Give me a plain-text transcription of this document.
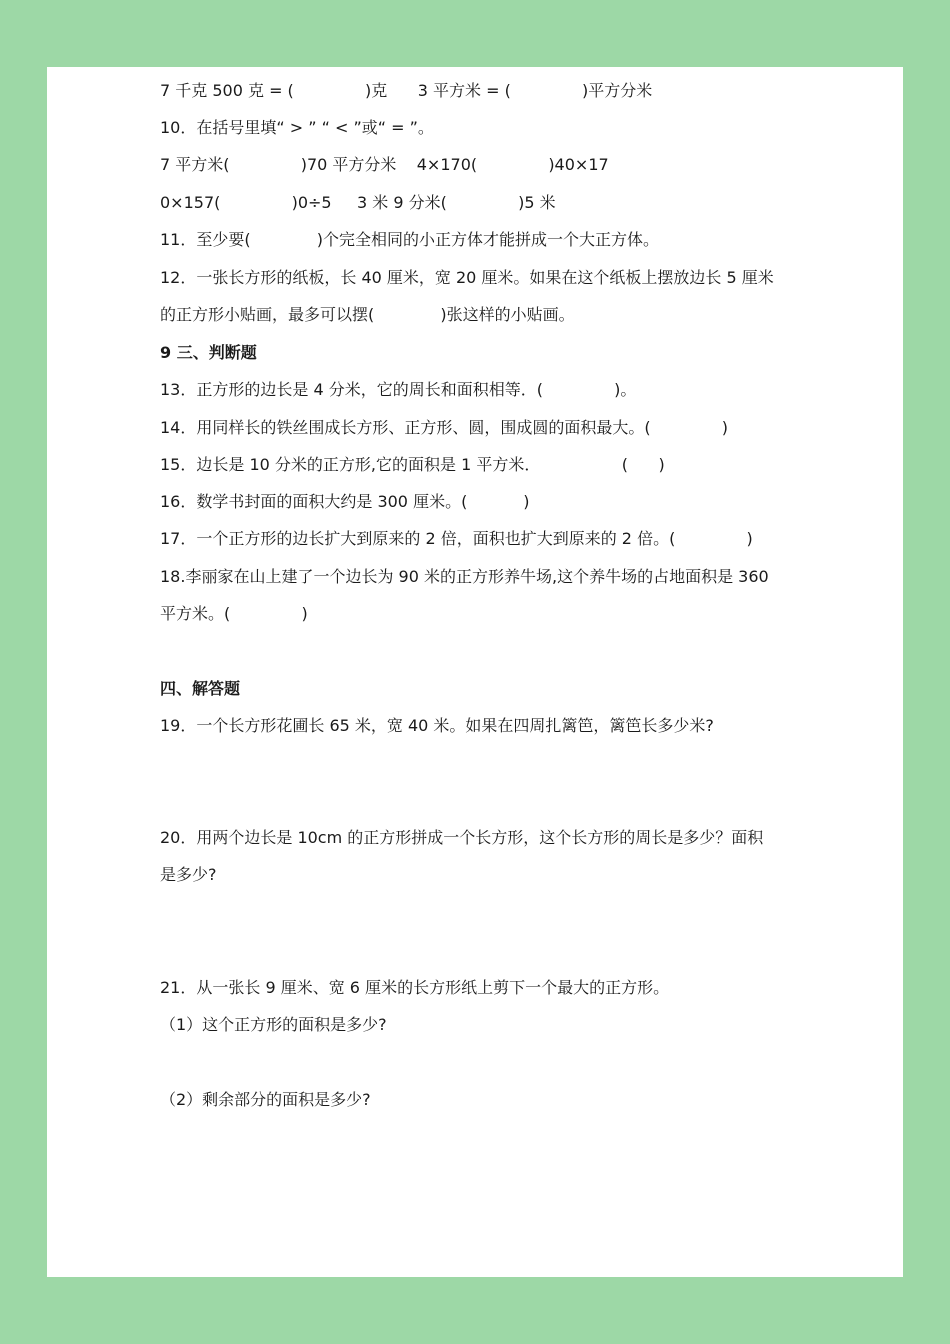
7 千克 500 克 = (              )克      3 平方米 = (              )平方分米
10．在括号里填“ > ” “ < ”或“ = ”。
7 平方米(              )70 平方分米    4×170(              )40×17
0×157(              )0÷5     3 米 9 分米(              )5 米
11．至少要(             )个完全相同的小正方体才能拼成一个大正方体。
12．一张长方形的纸板，长 40 厘米，宽 20 厘米。如果在这个纸板上摆放边长 5 厘米
的正方形小贴画，最多可以摆(             )张这样的小贴画。
9 三、判断题
13．正方形的边长是 4 分米，它的周长和面积相等．(              )。
14．用同样长的铁丝围成长方形、正方形、圆，围成圆的面积最大。(              )
15．边长是 10 分米的正方形,它的面积是 1 平方米．                (      )
16．数学书封面的面积大约是 300 厘米。(           )
17．一个正方形的边长扩大到原来的 2 倍，面积也扩大到原来的 2 倍。(              )
18.李丽家在山上建了一个边长为 90 米的正方形养牛场,这个养牛场的占地面积是 360
平方米。(              )
四、解答题
19．一个长方形花圃长 65 米，宽 40 米。如果在四周扎篱笆，篱笆长多少米?
20．用两个边长是 10cm 的正方形拼成一个长方形，这个长方形的周长是多少？面积
是多少?
21．从一张长 9 厘米、宽 6 厘米的长方形纸上剪下一个最大的正方形。
（1）这个正方形的面积是多少?
（2）剩余部分的面积是多少?
